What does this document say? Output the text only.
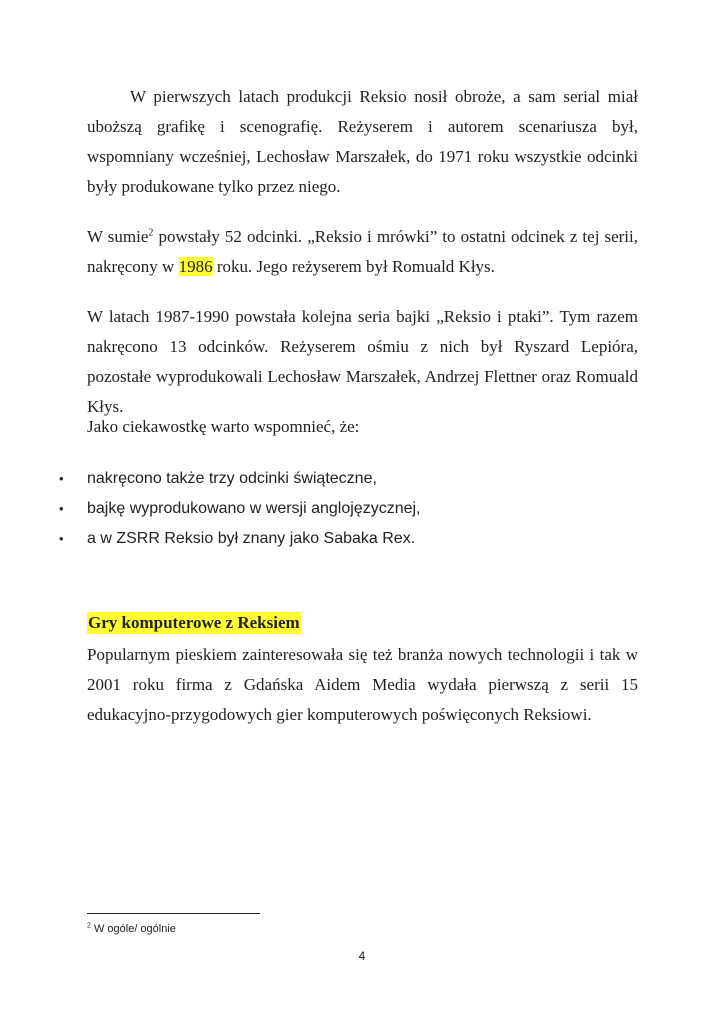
W pierwszych latach produkcji Reksio nosił obroże, a sam serial miał uboższą grafikę i scenografię. Reżyserem i autorem scenariusza był, wspomniany wcześniej, Lechosław Marszałek, do 1971 roku wszystkie odcinki były produkowane tylko przez niego.

W sumie$^2$ powstały 52 odcinki. „Reksio i mrówki” to ostatni odcinek z tej serii, nakręcony w 1986 roku. Jego reżyserem był Romuald Kłys.

W latach 1987-1990 powstała kolejna seria bajki „Reksio i ptaki”. Tym razem nakręcono 13 odcinków. Reżyserem ośmiu z nich był Ryszard Lepióra, pozostałe wyprodukowali Lechosław Marszałek, Andrzej Flettner oraz Romuald Kłys.

Jako ciekawostkę warto wspomnieć, że:

• nakręcono także trzy odcinki świąteczne,
• bajkę wyprodukowano w wersji anglojęzycznej,
• a w ZSRR Reksio był znany jako Sabaka Rex.
Gry komputerowe z Reksiem

Popularnym pieskiem zainteresowała się też branża nowych technologii i tak w 2001 roku firma z Gdańska Aidem Media wydała pierwszą z serii 15 edukacyjno-przygodowych gier komputerowych poświęconych Reksiowi.

$^2$ W ogóle/ ogólnie

4
